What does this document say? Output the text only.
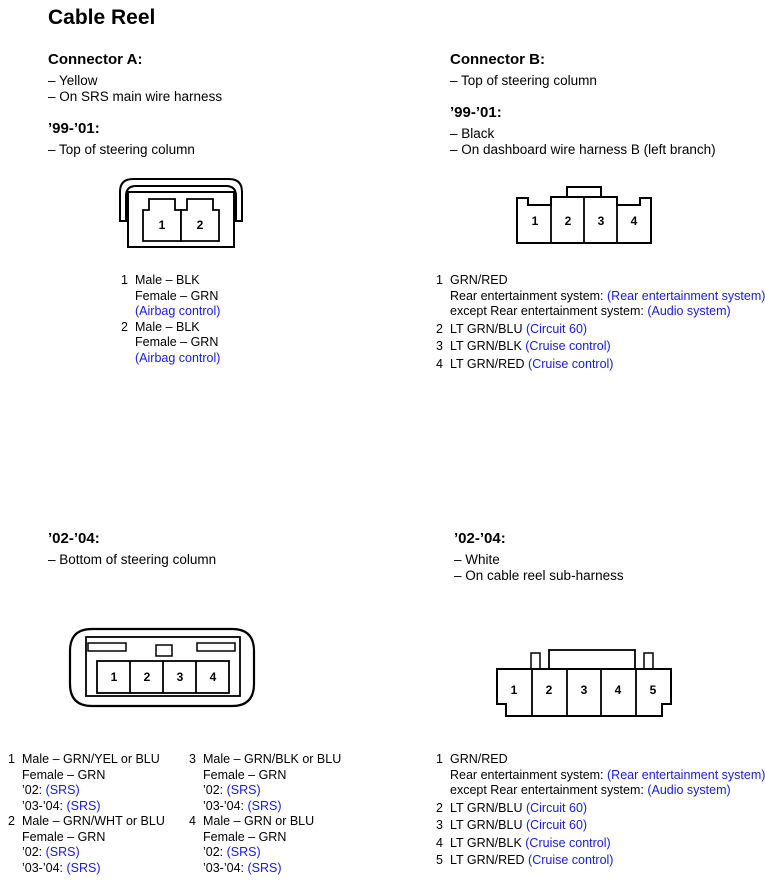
Cable Reel
Connector A:
– Yellow
– On SRS main wire harness
’99-’01:
– Top of steering column
1	2
1 Male – BLK
Female – GRN
(Airbag control)
2 Male – BLK
Female – GRN
(Airbag control)
Connector B:
– Top of steering column
’99-’01:
– Black
– On dashboard wire harness B (left branch)
1	2	3	4
1 GRN/RED
Rear entertainment system: (Rear entertainment system)
except Rear entertainment system: (Audio system)
2 LT GRN/BLU (Circuit 60)
3 LT GRN/BLK (Cruise control)
4 LT GRN/RED (Cruise control)
’02-’04:
– Bottom of steering column
1	2	3	4
1 Male – GRN/YEL or BLU
Female – GRN
’02: (SRS)
’03-’04: (SRS)
2 Male – GRN/WHT or BLU
Female – GRN
’02: (SRS)
’03-’04: (SRS)
3 Male – GRN/BLK or BLU
Female – GRN
’02: (SRS)
’03-’04: (SRS)
4 Male – GRN or BLU
Female – GRN
’02: (SRS)
’03-’04: (SRS)
’02-’04:
– White
– On cable reel sub-harness
1	2	3	4	5
1 GRN/RED
Rear entertainment system: (Rear entertainment system)
except Rear entertainment system: (Audio system)
2 LT GRN/BLU (Circuit 60)
3 LT GRN/BLU (Circuit 60)
4 LT GRN/BLK (Cruise control)
5 LT GRN/RED (Cruise control)
